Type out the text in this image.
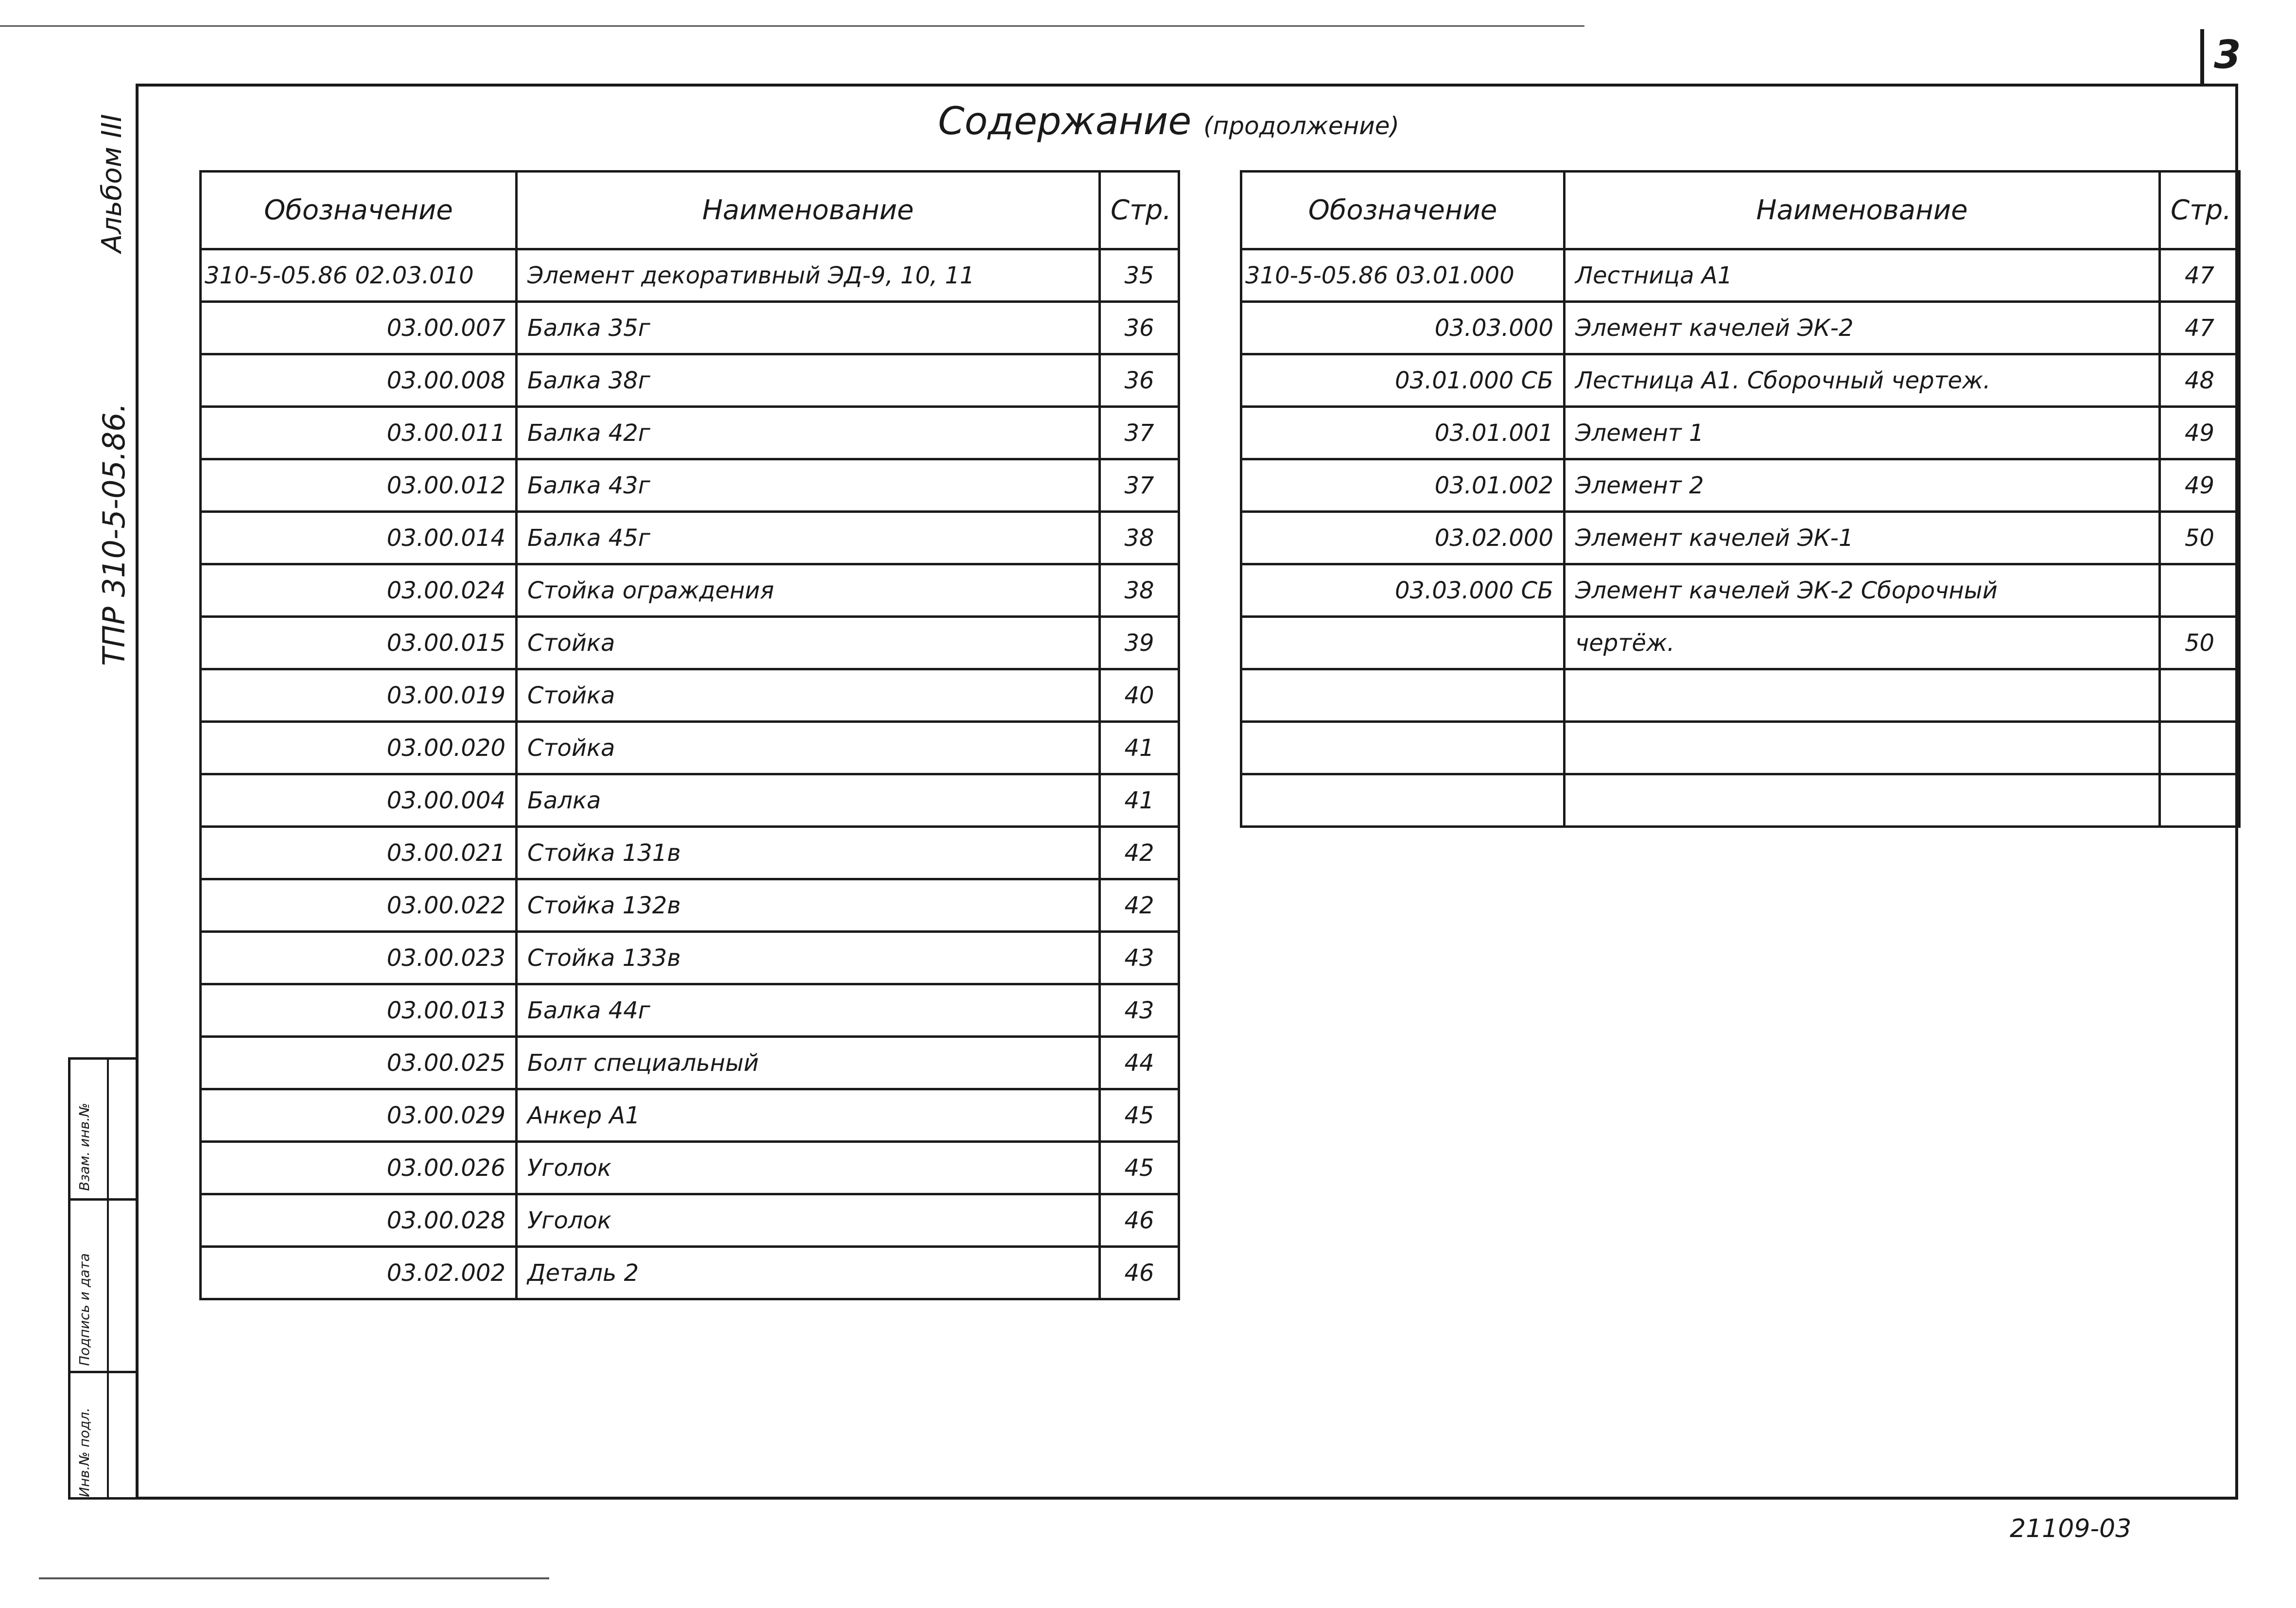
3
Содержание (продолжение)
Альбом III
ТПР 310-5-05.86.
Взам. инв.№
Подпись и дата
Инв.№ подл.
Обозначение	Наименование	Стр.
310-5-05.86 02.03.010	Элемент декоративный ЭД-9, 10, 11	35
03.00.007	Балка 35г	36
03.00.008	Балка 38г	36
03.00.011	Балка 42г	37
03.00.012	Балка 43г	37
03.00.014	Балка 45г	38
03.00.024	Стойка ограждения	38
03.00.015	Стойка	39
03.00.019	Стойка	40
03.00.020	Стойка	41
03.00.004	Балка	41
03.00.021	Стойка 131в	42
03.00.022	Стойка 132в	42
03.00.023	Стойка 133в	43
03.00.013	Балка 44г	43
03.00.025	Болт специальный	44
03.00.029	Анкер А1	45
03.00.026	Уголок	45
03.00.028	Уголок	46
03.02.002	Деталь 2	46
Обозначение	Наименование	Стр.
310-5-05.86 03.01.000	Лестница А1	47
03.03.000	Элемент качелей ЭК-2	47
03.01.000 СБ	Лестница А1. Сборочный чертеж.	48
03.01.001	Элемент 1	49
03.01.002	Элемент 2	49
03.02.000	Элемент качелей ЭК-1	50
03.03.000 СБ	Элемент качелей ЭК-2 Сборочный	
	чертёж.	50

21109-03
